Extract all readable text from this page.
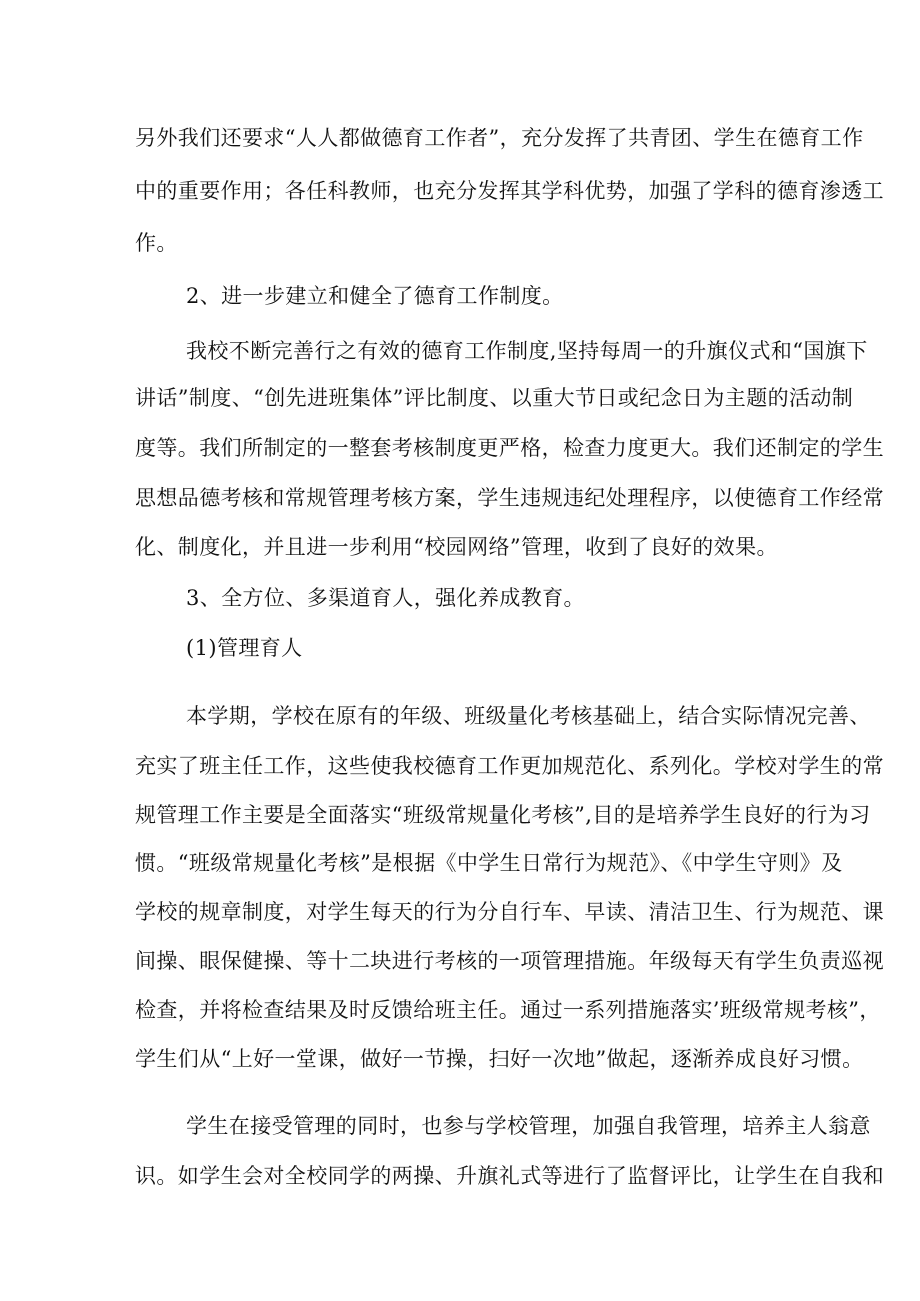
另外我们还要求“人人都做德育工作者”，充分发挥了共青团、学生在德育工作
中的重要作用；各任科教师，也充分发挥其学科优势，加强了学科的德育渗透工
作。
2、进一步建立和健全了德育工作制度。
我校不断完善行之有效的德育工作制度,坚持每周一的升旗仪式和“国旗下
讲话”制度、“创先进班集体”评比制度、以重大节日或纪念日为主题的活动制
度等。我们所制定的一整套考核制度更严格，检查力度更大。我们还制定的学生
思想品德考核和常规管理考核方案，学生违规违纪处理程序，以使德育工作经常
化、制度化，并且进一步利用“校园网络”管理，收到了良好的效果。
3、全方位、多渠道育人，强化养成教育。
(1)管理育人
本学期，学校在原有的年级、班级量化考核基础上，结合实际情况完善、
充实了班主任工作，这些使我校德育工作更加规范化、系列化。学校对学生的常
规管理工作主要是全面落实“班级常规量化考核”,目的是培养学生良好的行为习
惯。“班级常规量化考核”是根据《中学生日常行为规范》、《中学生守则》及
学校的规章制度，对学生每天的行为分自行车、早读、清洁卫生、行为规范、课
间操、眼保健操、等十二块进行考核的一项管理措施。年级每天有学生负责巡视
检查，并将检查结果及时反馈给班主任。通过一系列措施落实’班级常规考核”，
学生们从“上好一堂课，做好一节操，扫好一次地”做起，逐渐养成良好习惯。
学生在接受管理的同时，也参与学校管理，加强自我管理，培养主人翁意
识。如学生会对全校同学的两操、升旗礼式等进行了监督评比，让学生在自我和
